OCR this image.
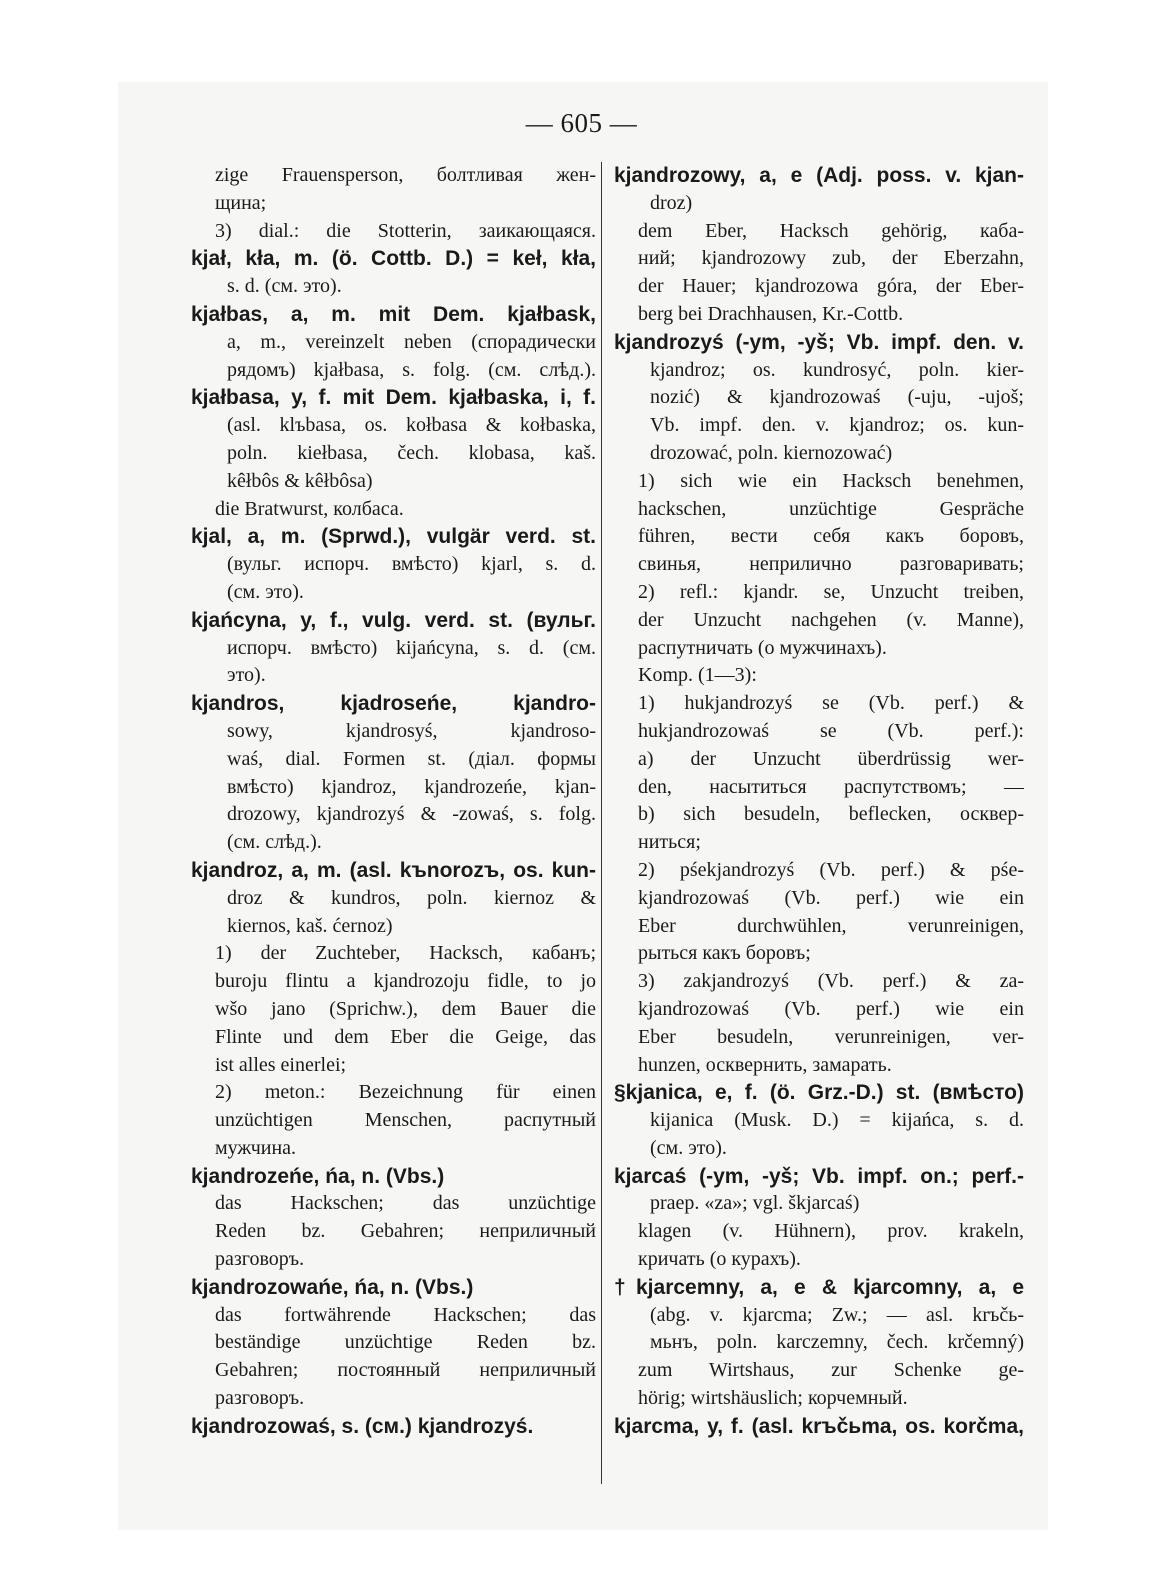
— 605 —
zige Frauensperson, болтливая жен-
щина;
3) dial.: die Stotterin, заикающаяся.
kjał, kła, m. (ö. Cottb. D.) = keł, kła,
s. d. (см. это).
kjałbas, a, m. mit Dem. kjałbask,
a, m., vereinzelt neben (спорадически
рядомъ) kjałbasa, s. folg. (см. слѣд.).
kjałbasa, y, f. mit Dem. kjałbaska, i, f.
(asl. klъbasa, os. kołbasa & kołbaska,
poln. kiełbasa, čech. klobasa, kaš.
kêłbôs & kêłbôsa)
die Bratwurst, колбаса.
kjal, a, m. (Sprwd.), vulgär verd. st.
(вульг. испорч. вмѣсто) kjarl, s. d.
(см. это).
kjańcyna, y, f., vulg. verd. st. (вульг.
испорч. вмѣсто) kijańcyna, s. d. (см.
это).
kjandros, kjadroseńe, kjandro-
sowy, kjandrosyś, kjandroso-
waś, dial. Formen st. (діал. формы
вмѣсто) kjandroz, kjandrozeńe, kjan-
drozowy, kjandrozyś & -zowaś, s. folg.
(см. слѣд.).
kjandroz, a, m. (asl. kъnorozъ, os. kun-
droz & kundros, poln. kiernoz &
kiernos, kaš. ćernoz)
1) der Zuchteber, Hacksch, кабанъ;
buroju flintu a kjandrozoju fidle, to jo
wšo jano (Sprichw.), dem Bauer die
Flinte und dem Eber die Geige, das
ist alles einerlei;
2) meton.: Bezeichnung für einen
unzüchtigen Menschen, распутный
мужчина.
kjandrozeńe, ńa, n. (Vbs.)
das Hackschen; das unzüchtige
Reden bz. Gebahren; неприличный
разговоръ.
kjandrozowańe, ńa, n. (Vbs.)
das fortwährende Hackschen; das
beständige unzüchtige Reden bz.
Gebahren; постоянный неприличный
разговоръ.
kjandrozowaś, s. (см.) kjandrozyś.
kjandrozowy, a, e (Adj. poss. v. kjan-
droz)
dem Eber, Hacksch gehörig, каба-
ний; kjandrozowy zub, der Eberzahn,
der Hauer; kjandrozowa góra, der Eber-
berg bei Drachhausen, Kr.-Cottb.
kjandrozyś (-ym, -yš; Vb. impf. den. v.
kjandroz; os. kundrosyć, poln. kier-
nozić) & kjandrozowaś (-uju, -ujoš;
Vb. impf. den. v. kjandroz; os. kun-
drozować, poln. kiernozować)
1) sich wie ein Hacksch benehmen,
hackschen, unzüchtige Gespräche
führen, вести себя какъ боровъ,
свинья, неприлично разговаривать;
2) refl.: kjandr. se, Unzucht treiben,
der Unzucht nachgehen (v. Manne),
распутничать (о мужчинахъ).
Komp. (1—3):
1) hukjandrozyś se (Vb. perf.) &
hukjandrozowaś se (Vb. perf.):
a) der Unzucht überdrüssig wer-
den, насытиться распутствомъ; —
b) sich besudeln, beflecken, осквер-
ниться;
2) pśekjandrozyś (Vb. perf.) & pśe-
kjandrozowaś (Vb. perf.) wie ein
Eber durchwühlen, verunreinigen,
рыться какъ боровъ;
3) zakjandrozyś (Vb. perf.) & za-
kjandrozowaś (Vb. perf.) wie ein
Eber besudeln, verunreinigen, ver-
hunzen, осквернить, замарать.
§kjanica, e, f. (ö. Grz.-D.) st. (вмѣсто)
kijanica (Musk. D.) = kijańca, s. d.
(см. это).
kjarcaś (-ym, -yš; Vb. impf. on.; perf.-
praep. «za»; vgl. škjarcaś)
klagen (v. Hühnern), prov. krakeln,
кричать (о курахъ).
†kjarcemny, a, e & kjarcomny, a, e
(abg. v. kjarcma; Zw.; — asl. krъčь-
мьнъ, poln. karczemny, čech. krčemný)
zum Wirtshaus, zur Schenke ge-
hörig; wirtshäuslich; корчемный.
kjarcma, y, f. (asl. krъčьma, os. korčma,
